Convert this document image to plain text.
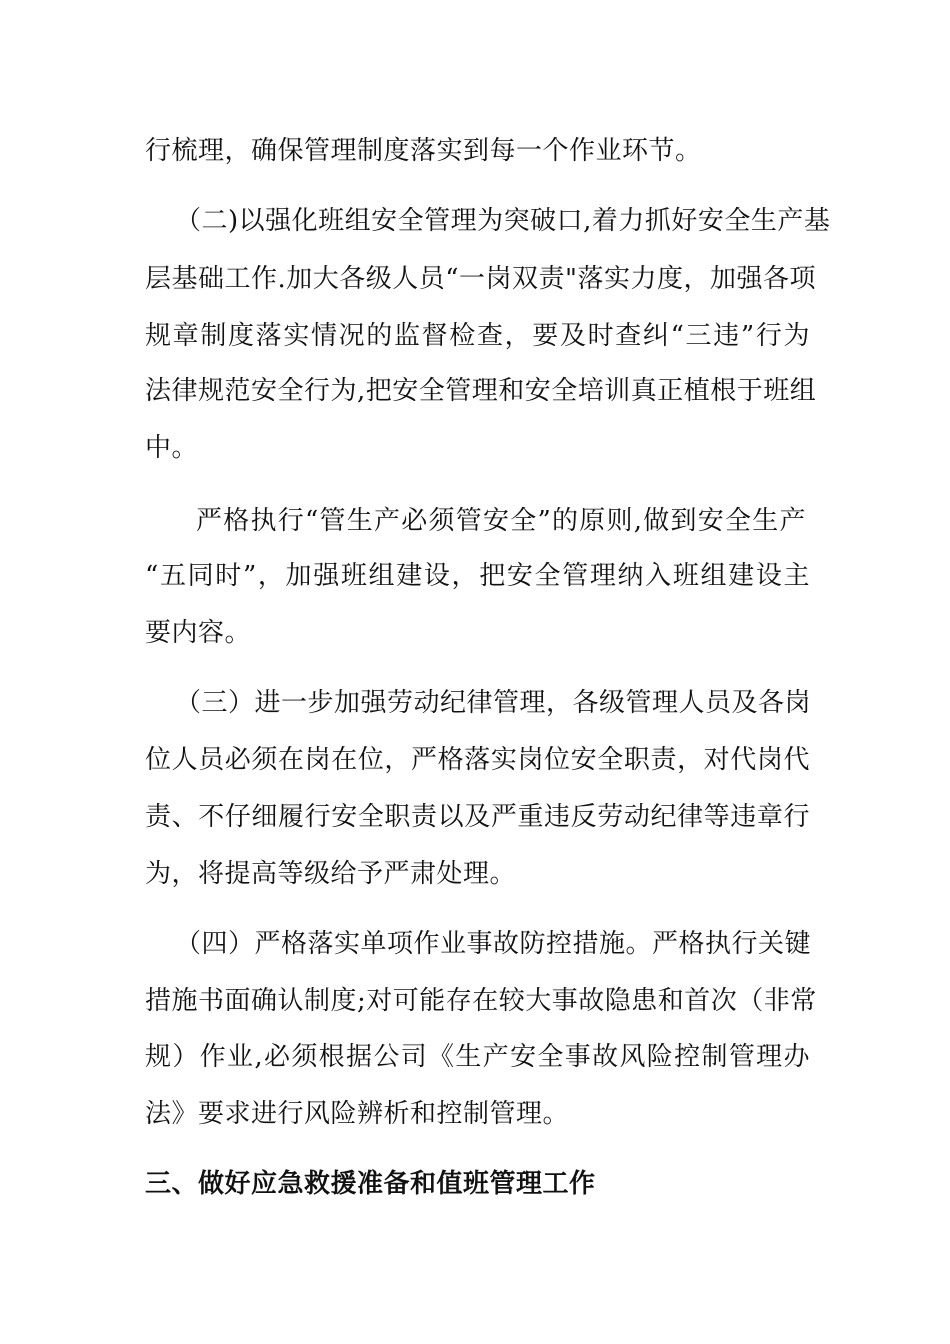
行梳理，确保管理制度落实到每一个作业环节。
（二)以强化班组安全管理为突破口,着力抓好安全生产基
层基础工作.加大各级人员“一岗双责"落实力度，加强各项
规章制度落实情况的监督检查，要及时查纠“三违”行为
法律规范安全行为,把安全管理和安全培训真正植根于班组
中。
严格执行“管生产必须管安全”的原则,做到安全生产
“五同时”，加强班组建设，把安全管理纳入班组建设主
要内容。
（三）进一步加强劳动纪律管理，各级管理人员及各岗
位人员必须在岗在位，严格落实岗位安全职责，对代岗代
责、不仔细履行安全职责以及严重违反劳动纪律等违章行
为，将提高等级给予严肃处理。
（四）严格落实单项作业事故防控措施。严格执行关键
措施书面确认制度;对可能存在较大事故隐患和首次（非常
规）作业,必须根据公司《生产安全事故风险控制管理办
法》要求进行风险辨析和控制管理。
三、做好应急救援准备和值班管理工作
